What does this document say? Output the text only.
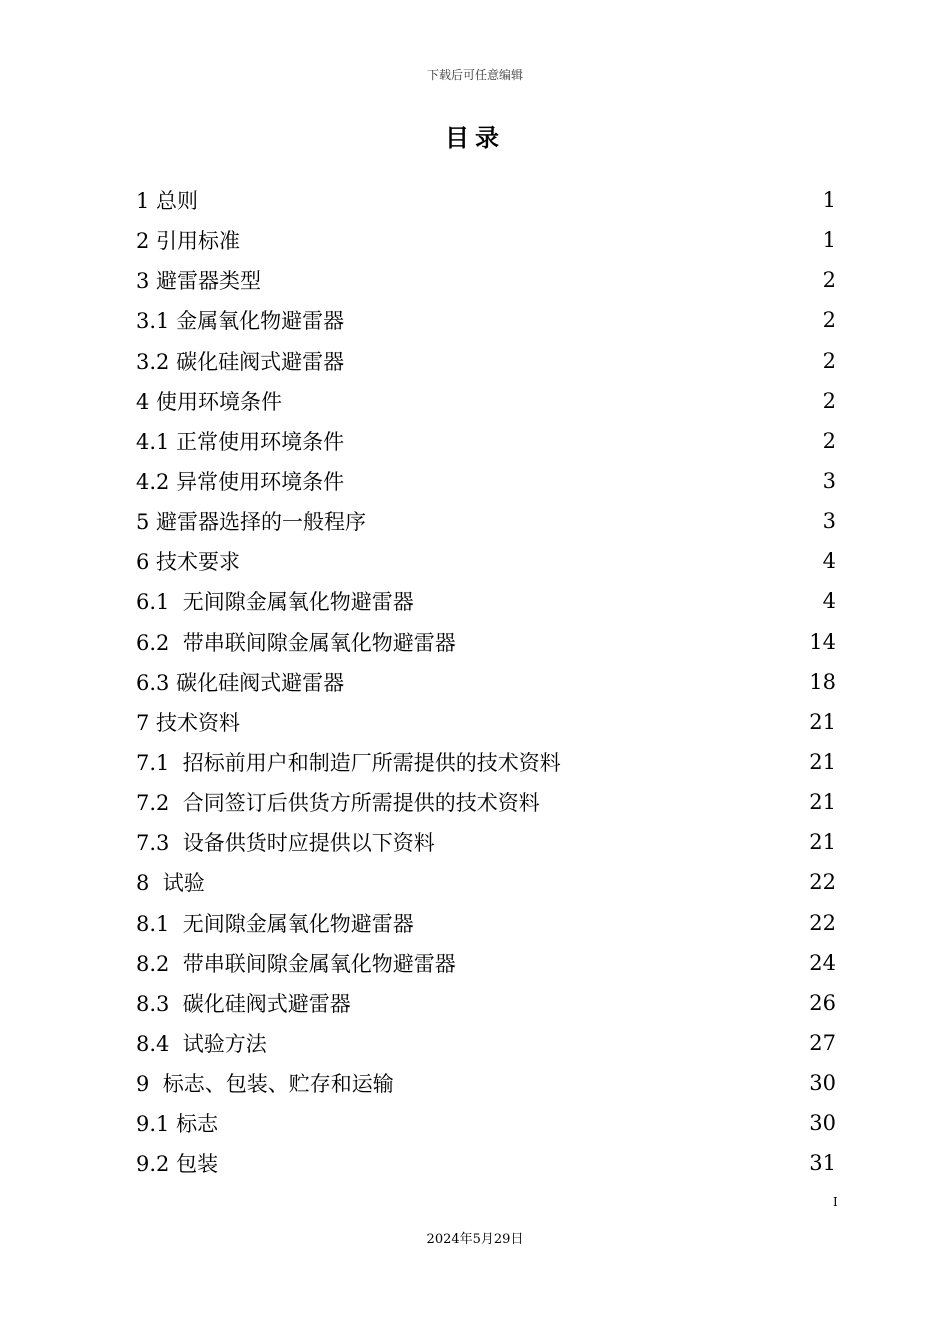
下载后可任意编辑
目录
1 总则	1
2 引用标准	1
3 避雷器类型	2
3.1 金属氧化物避雷器	2
3.2 碳化硅阀式避雷器	2
4 使用环境条件	2
4.1 正常使用环境条件	2
4.2 异常使用环境条件	3
5 避雷器选择的一般程序	3
6 技术要求	4
6.1  无间隙金属氧化物避雷器	4
6.2  带串联间隙金属氧化物避雷器	14
6.3 碳化硅阀式避雷器	18
7 技术资料	21
7.1  招标前用户和制造厂所需提供的技术资料	21
7.2  合同签订后供货方所需提供的技术资料	21
7.3  设备供货时应提供以下资料	21
8  试验	22
8.1  无间隙金属氧化物避雷器	22
8.2  带串联间隙金属氧化物避雷器	24
8.3  碳化硅阀式避雷器	26
8.4  试验方法	27
9  标志、包装、贮存和运输	30
9.1 标志	30
9.2 包装	31
I
2024年5月29日
